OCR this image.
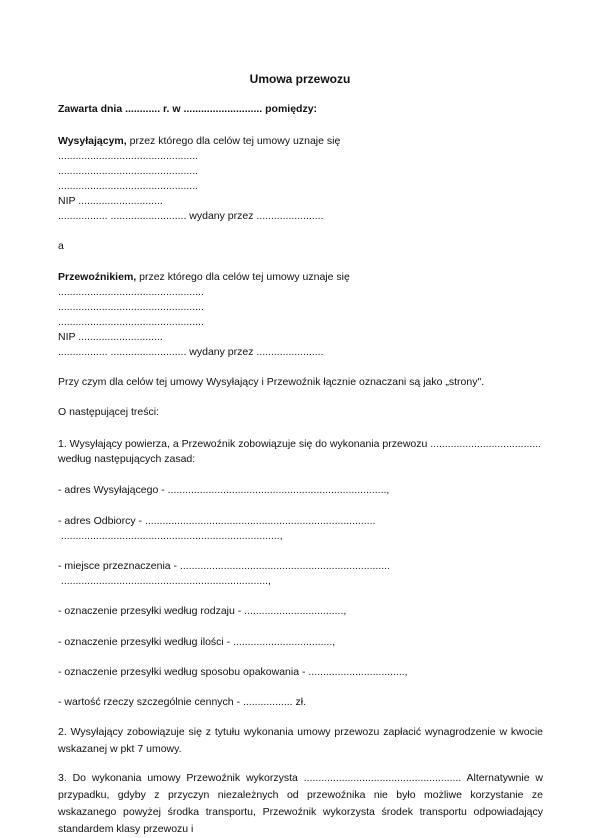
Umowa przewozu
Zawarta dnia ............ r. w ........................... pomiędzy:
Wysyłającym, przez którego dla celów tej umowy uznaje się
................................................
................................................
................................................
NIP .............................
................. .......................... wydany przez .......................
a
Przewoźnikiem, przez którego dla celów tej umowy uznaje się
..................................................
..................................................
..................................................
NIP .............................
................. .......................... wydany przez .......................
Przy czym dla celów tej umowy Wysyłający i Przewoźnik łącznie oznaczani są jako „strony".
O następującej treści:
1. Wysyłający powierza, a Przewoźnik zobowiązuje się do wykonania przewozu ......................................
według następujących zasad:
- adres Wysyłającego - ...........................................................................,
- adres Odbiorcy - ...............................................................................
...........................................................................,
- miejsce przeznaczenia - ........................................................................
.......................................................................,
- oznaczenie przesyłki według rodzaju - ..................................,
- oznaczenie przesyłki według ilości - ..................................,
- oznaczenie przesyłki według sposobu opakowania - .................................,
- wartość rzeczy szczególnie cennych - ................. zł.
2. Wysyłający zobowiązuje się z tytułu wykonania umowy przewozu zapłacić wynagrodzenie w kwocie wskazanej w pkt 7 umowy.
3. Do wykonania umowy Przewoźnik wykorzysta ...................................................... Alternatywnie w przypadku, gdyby z przyczyn niezależnych od przewoźnika nie było możliwe korzystanie ze wskazanego powyżej środka transportu, Przewoźnik wykorzysta środek transportu odpowiadający standardem klasy przewozu i
